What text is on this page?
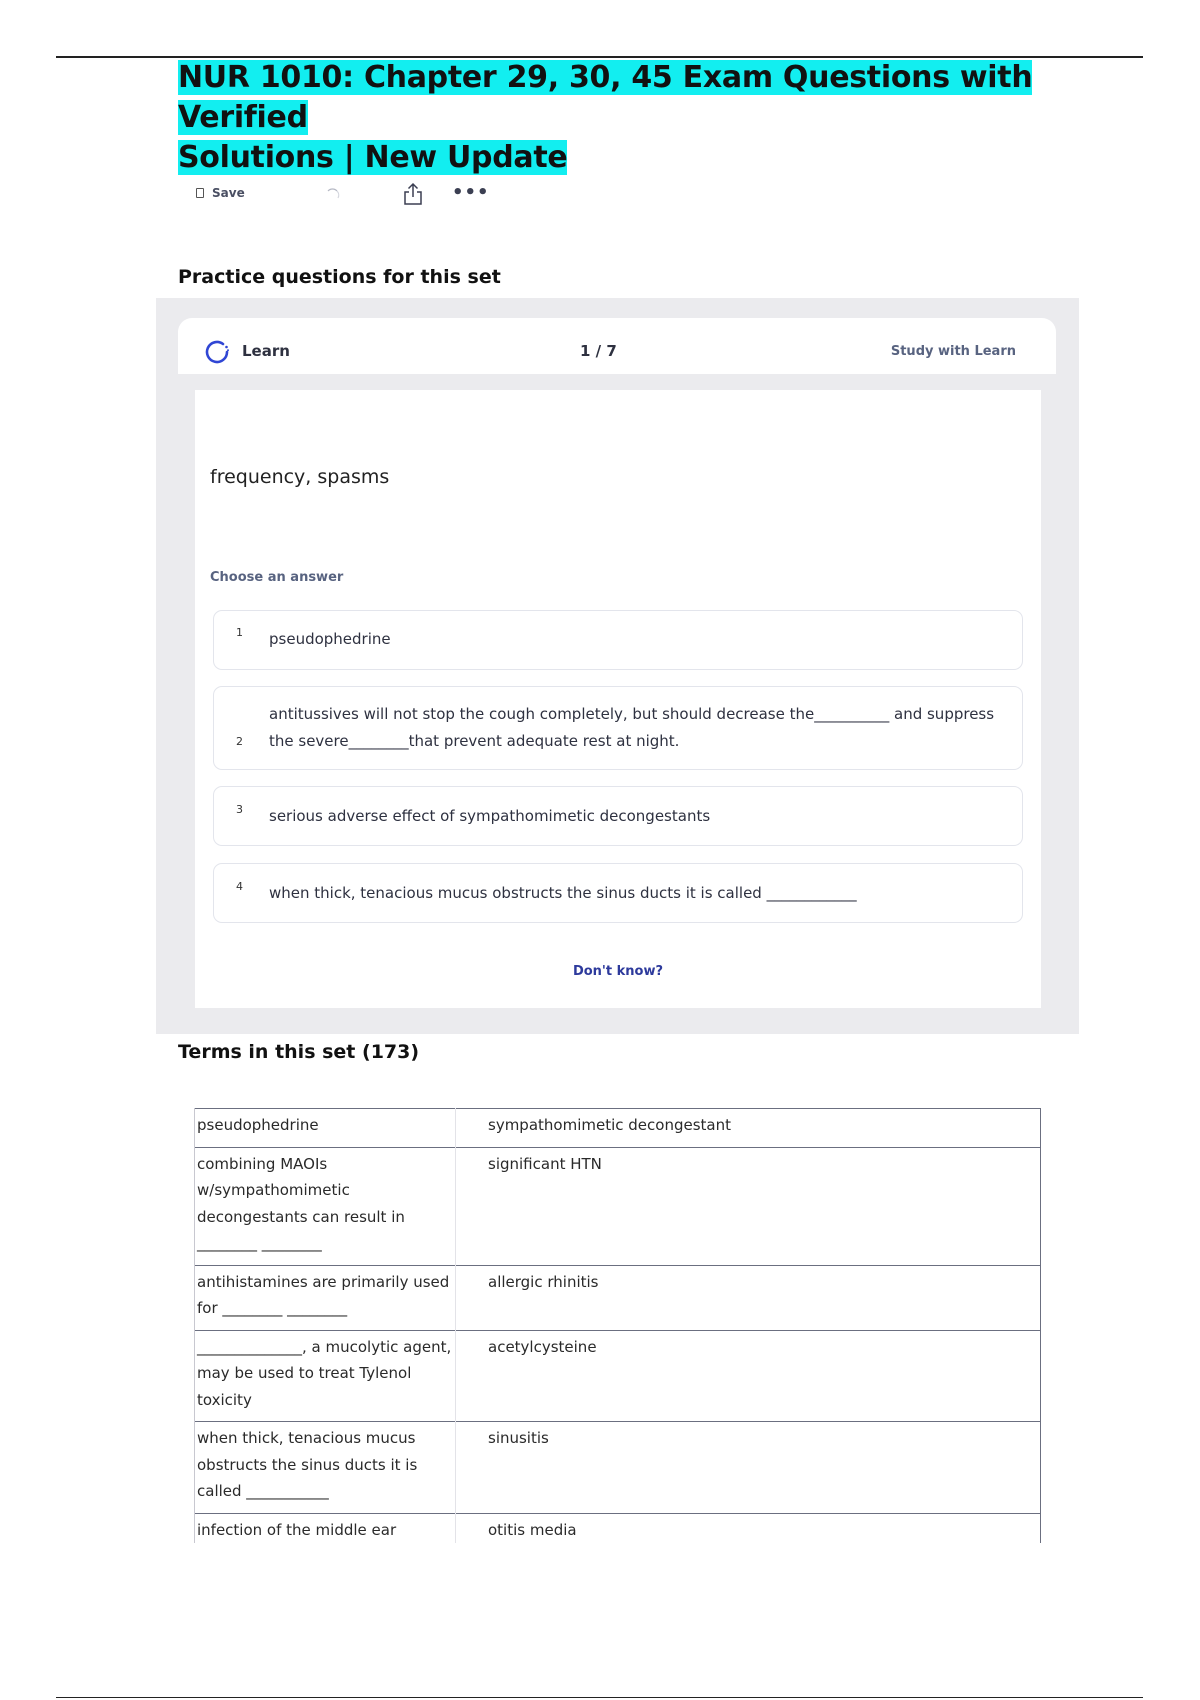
NUR 1010: Chapter 29, 30, 45 Exam Questions with Verified
Solutions | New Update
Save	•••
Practice questions for this set
Learn	1 / 7	Study with Learn
frequency, spasms
Choose an answer
1 pseudophedrine
2
antitussives will not stop the cough completely, but should decrease the__________ and suppress the severe________that prevent adequate rest at night.
3 serious adverse effect of sympathomimetic decongestants
4 when thick, tenacious mucus obstructs the sinus ducts it is called ____________
Don't know?
Terms in this set (173)
pseudophedrine	sympathomimetic decongestant
combining MAOIs w/sympathomimetic decongestants can result in ________ ________	significant HTN
antihistamines are primarily used for ________ ________	allergic rhinitis
______________, a mucolytic agent, may be used to treat Tylenol toxicity	acetylcysteine
when thick, tenacious mucus obstructs the sinus ducts it is called ___________	sinusitis
infection of the middle ear	otitis media
